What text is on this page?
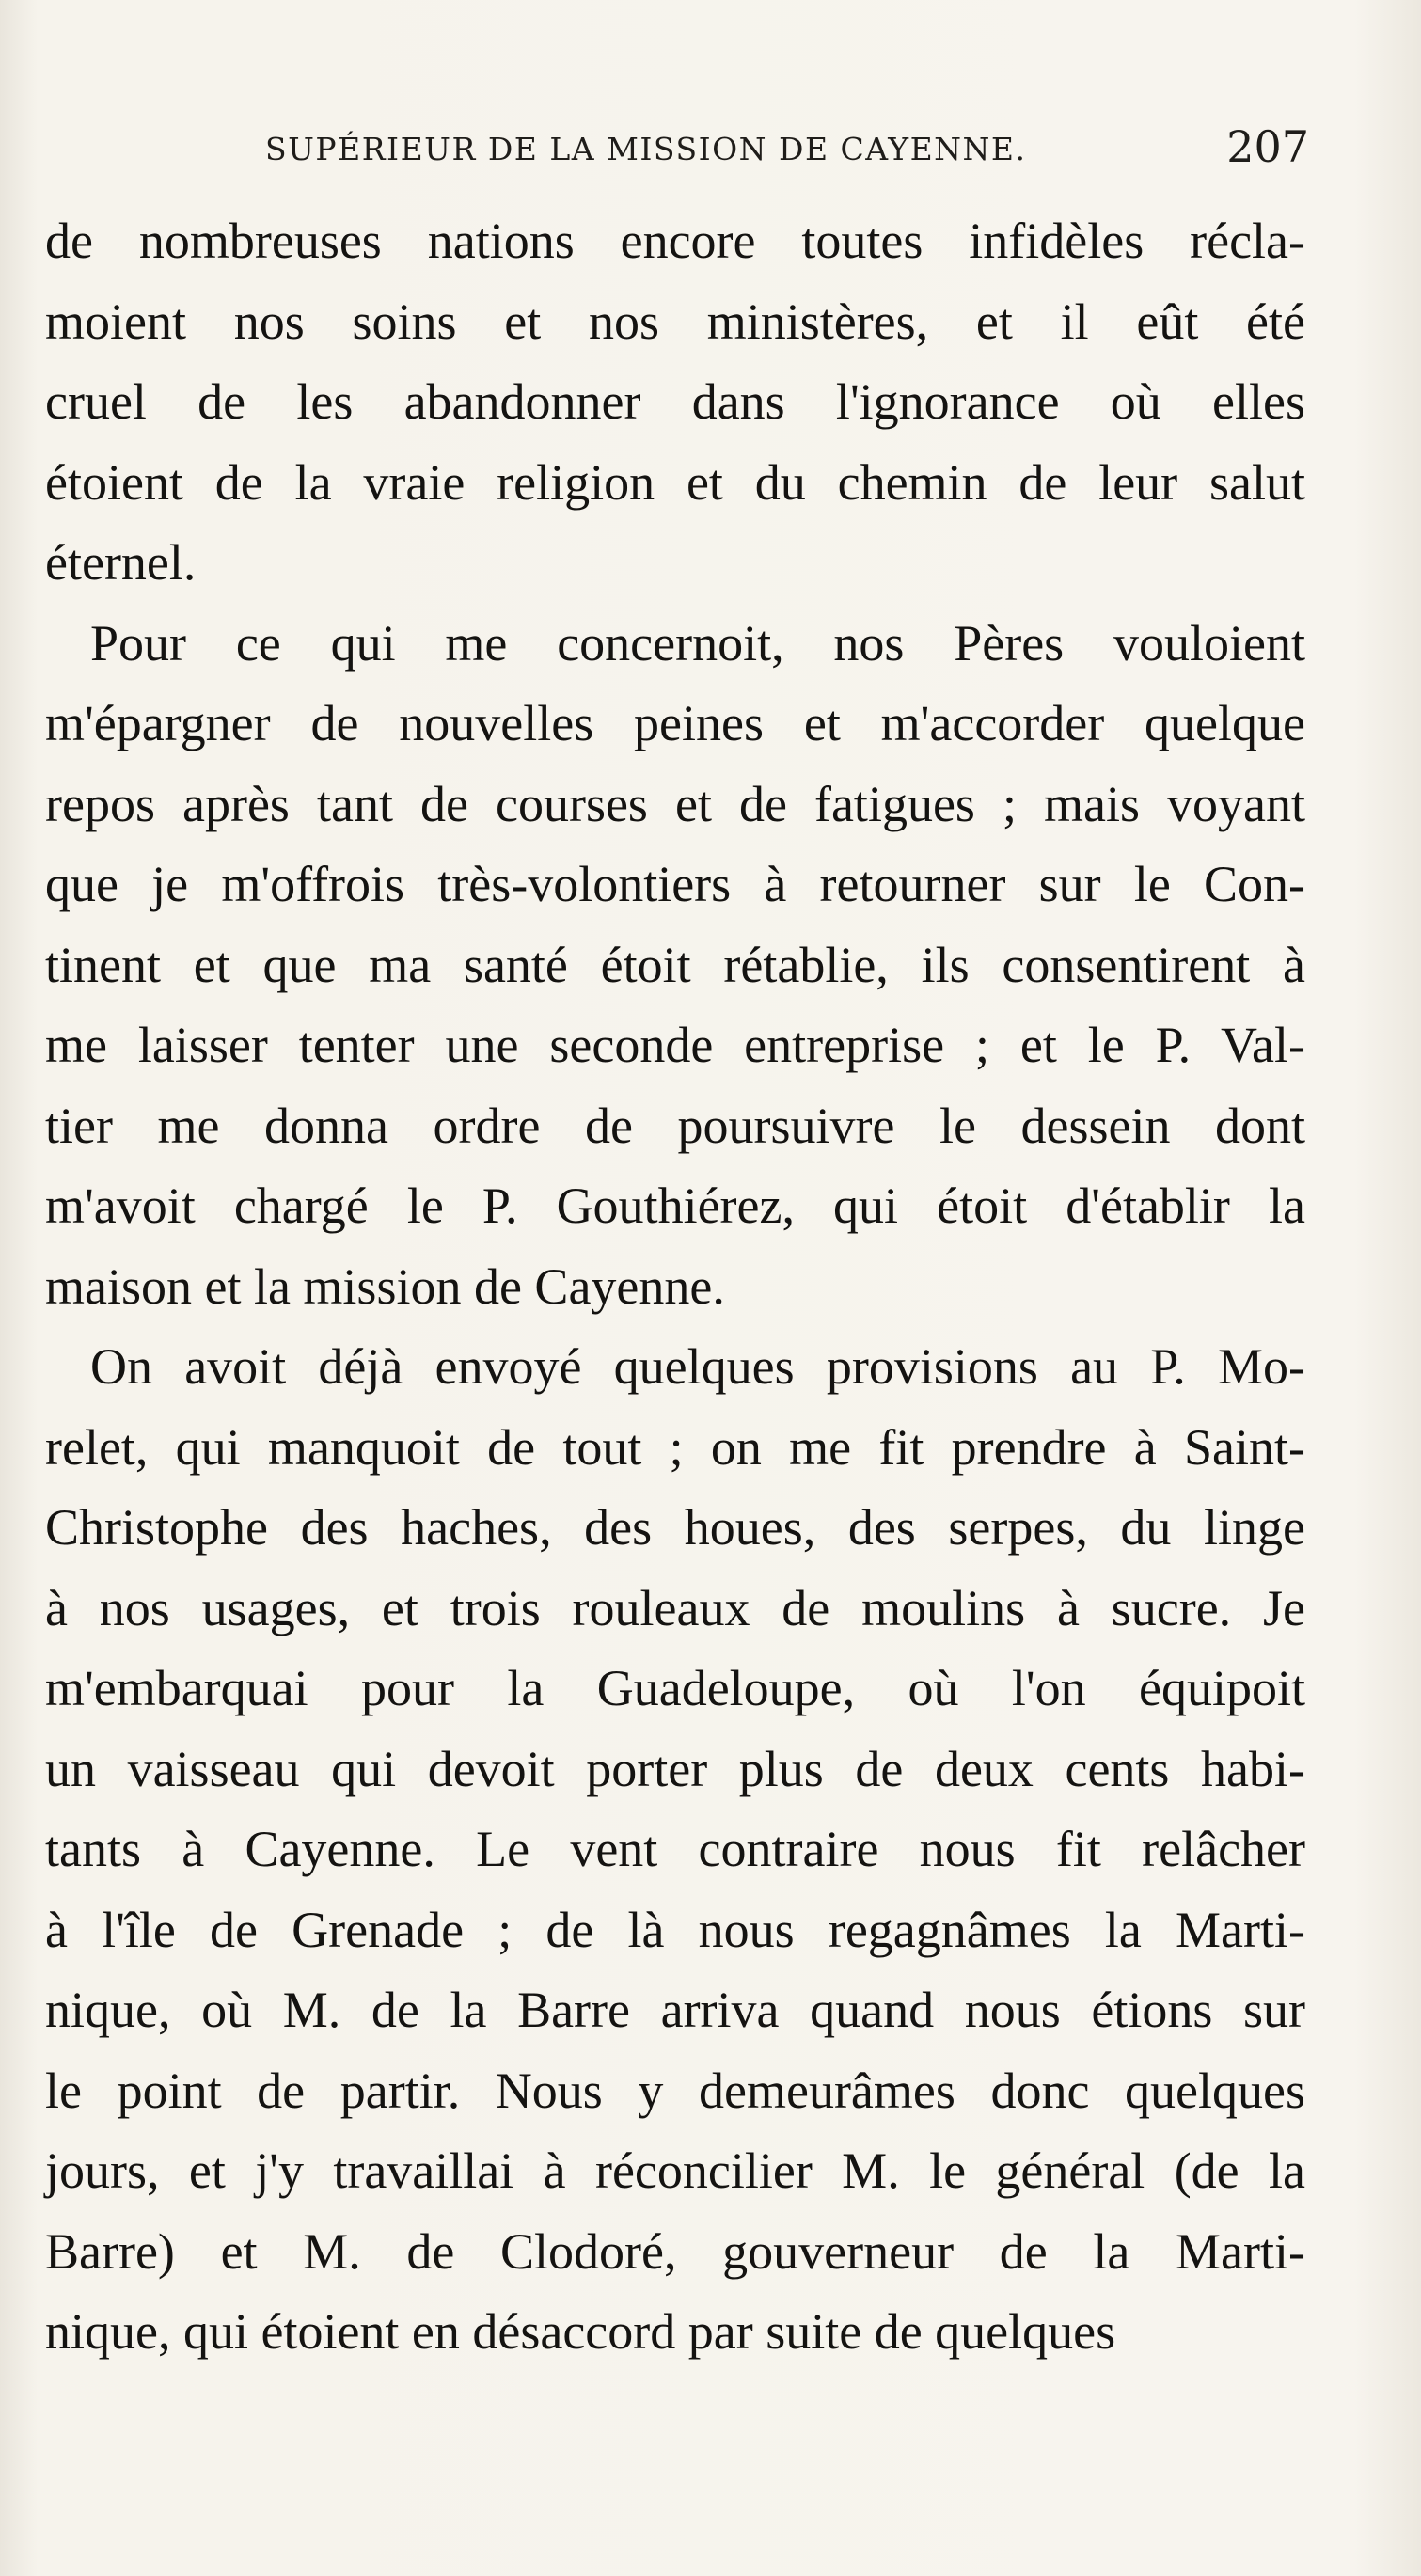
SUPÉRIEUR DE LA MISSION DE CAYENNE.	207
de nombreuses nations encore toutes infidèles récla-
moient nos soins et nos ministères, et il eût été
cruel de les abandonner dans l'ignorance où elles
étoient de la vraie religion et du chemin de leur salut
éternel.
Pour ce qui me concernoit, nos Pères vouloient
m'épargner de nouvelles peines et m'accorder quelque
repos après tant de courses et de fatigues ; mais voyant
que je m'offrois très-volontiers à retourner sur le Con-
tinent et que ma santé étoit rétablie, ils consentirent à
me laisser tenter une seconde entreprise ; et le P. Val-
tier me donna ordre de poursuivre le dessein dont
m'avoit chargé le P. Gouthiérez, qui étoit d'établir la
maison et la mission de Cayenne.
On avoit déjà envoyé quelques provisions au P. Mo-
relet, qui manquoit de tout ; on me fit prendre à Saint-
Christophe des haches, des houes, des serpes, du linge
à nos usages, et trois rouleaux de moulins à sucre. Je
m'embarquai pour la Guadeloupe, où l'on équipoit
un vaisseau qui devoit porter plus de deux cents habi-
tants à Cayenne. Le vent contraire nous fit relâcher
à l'île de Grenade ; de là nous regagnâmes la Marti-
nique, où M. de la Barre arriva quand nous étions sur
le point de partir. Nous y demeurâmes donc quelques
jours, et j'y travaillai à réconcilier M. le général (de la
Barre) et M. de Clodoré, gouverneur de la Marti-
nique, qui étoient en désaccord par suite de quelques
